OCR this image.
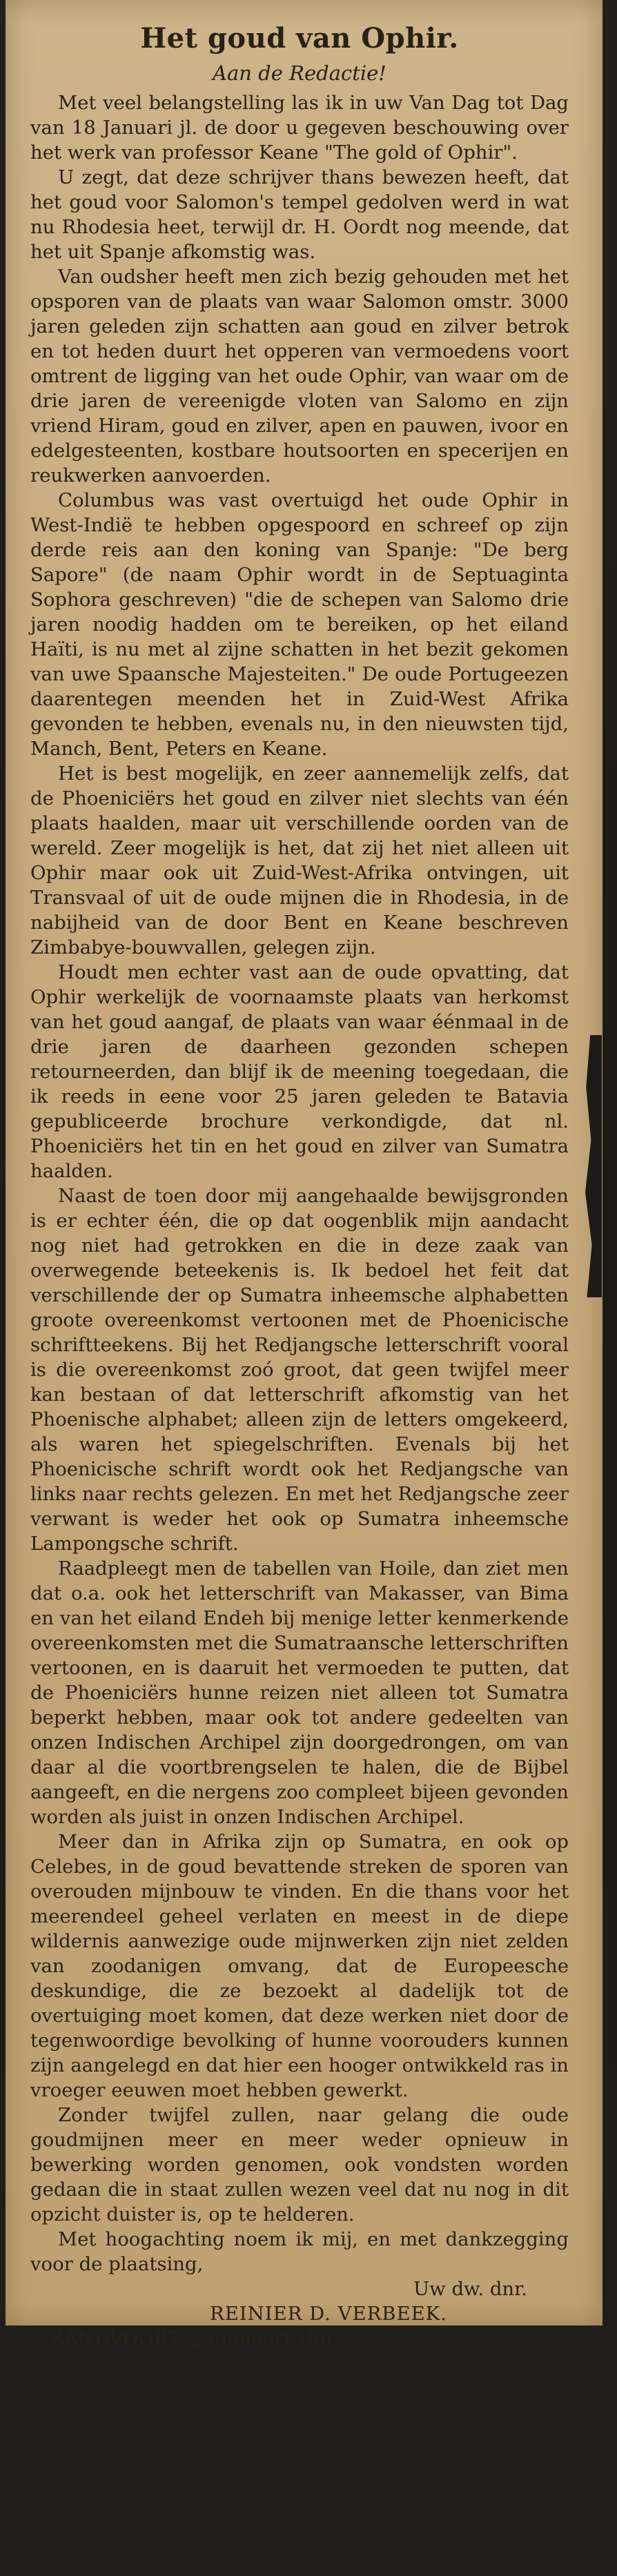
Het goud van Ophir.
Aan de Redactie!

Met veel belangstelling las ik in uw Van Dag tot Dag van 18 Januari jl. de door u gegeven beschouwing over het werk van professor Keane "The gold of Ophir".

U zegt, dat deze schrijver thans bewezen heeft, dat het goud voor Salomon's tempel gedolven werd in wat nu Rhodesia heet, terwijl dr. H. Oordt nog meende, dat het uit Spanje afkomstig was.

Van oudsher heeft men zich bezig gehouden met het opsporen van de plaats van waar Salomon omstr. 3000 jaren geleden zijn schatten aan goud en zilver betrok en tot heden duurt het opperen van vermoedens voort omtrent de ligging van het oude Ophir, van waar om de drie jaren de vereenigde vloten van Salomo en zijn vriend Hiram, goud en zilver, apen en pauwen, ivoor en edelgesteenten, kostbare houtsoorten en specerijen en reukwerken aanvoerden.

Columbus was vast overtuigd het oude Ophir in West-Indië te hebben opgespoord en schreef op zijn derde reis aan den koning van Spanje: "De berg Sapore" (de naam Ophir wordt in de Septuaginta Sophora geschreven) "die de schepen van Salomo drie jaren noodig hadden om te bereiken, op het eiland Haïti, is nu met al zijne schatten in het bezit gekomen van uwe Spaansche Majesteiten." De oude Portugeezen daarentegen meenden het in Zuid-West Afrika gevonden te hebben, evenals nu, in den nieuwsten tijd, Manch, Bent, Peters en Keane.

Het is best mogelijk, en zeer aannemelijk zelfs, dat de Phoeniciërs het goud en zilver niet slechts van één plaats haalden, maar uit verschillende oorden van de wereld. Zeer mogelijk is het, dat zij het niet alleen uit Ophir maar ook uit Zuid-West-Afrika ontvingen, uit Transvaal of uit de oude mijnen die in Rhodesia, in de nabijheid van de door Bent en Keane beschreven Zimbabye-bouwvallen, gelegen zijn.

Houdt men echter vast aan de oude opvatting, dat Ophir werkelijk de voornaamste plaats van herkomst van het goud aangaf, de plaats van waar éénmaal in de drie jaren de daarheen gezonden schepen retourneerden, dan blijf ik de meening toegedaan, die ik reeds in eene voor 25 jaren geleden te Batavia gepubliceerde brochure verkondigde, dat nl. Phoeniciërs het tin en het goud en zilver van Sumatra haalden.

Naast de toen door mij aangehaalde bewijsgronden is er echter één, die op dat oogenblik mijn aandacht nog niet had getrokken en die in deze zaak van overwegende beteekenis is. Ik bedoel het feit dat verschillende der op Sumatra inheemsche alphabetten groote overeenkomst vertoonen met de Phoenicische schriftteekens. Bij het Redjangsche letterschrift vooral is die overeenkomst zoó groot, dat geen twijfel meer kan bestaan of dat letterschrift afkomstig van het Phoenische alphabet; alleen zijn de letters omgekeerd, als waren het spiegelschriften. Evenals bij het Phoenicische schrift wordt ook het Redjangsche van links naar rechts gelezen. En met het Redjangsche zeer verwant is weder het ook op Sumatra inheemsche Lampongsche schrift.

Raadpleegt men de tabellen van Hoile, dan ziet men dat o.a. ook het letterschrift van Makasser, van Bima en van het eiland Endeh bij menige letter kenmerkende overeenkomsten met die Sumatraansche letterschriften vertoonen, en is daaruit het vermoeden te putten, dat de Phoeniciërs hunne reizen niet alleen tot Sumatra beperkt hebben, maar ook tot andere gedeelten van onzen Indischen Archipel zijn doorgedrongen, om van daar al die voortbrengselen te halen, die de Bijbel aangeeft, en die nergens zoo compleet bijeen gevonden worden als juist in onzen Indischen Archipel.

Meer dan in Afrika zijn op Sumatra, en ook op Celebes, in de goud bevattende streken de sporen van overouden mijnbouw te vinden. En die thans voor het meerendeel geheel verlaten en meest in de diepe wildernis aanwezige oude mijnwerken zijn niet zelden van zoodanigen omvang, dat de Europeesche deskundige, die ze bezoekt al dadelijk tot de overtuiging moet komen, dat deze werken niet door de tegenwoordige bevolking of hunne voorouders kunnen zijn aangelegd en dat hier een hooger ontwikkeld ras in vroeger eeuwen moet hebben gewerkt.

Zonder twijfel zullen, naar gelang die oude goudmijnen meer en meer weder opnieuw in bewerking worden genomen, ook vondsten worden gedaan die in staat zullen wezen veel dat nu nog in dit opzicht duister is, op te helderen.

Met hoogachting noem ik mij, en met dankzegging voor de plaatsing,

Uw dw. dnr.
REINIER D. VERBEEK.
ZANDVOORT, 25 Januari 1902.
